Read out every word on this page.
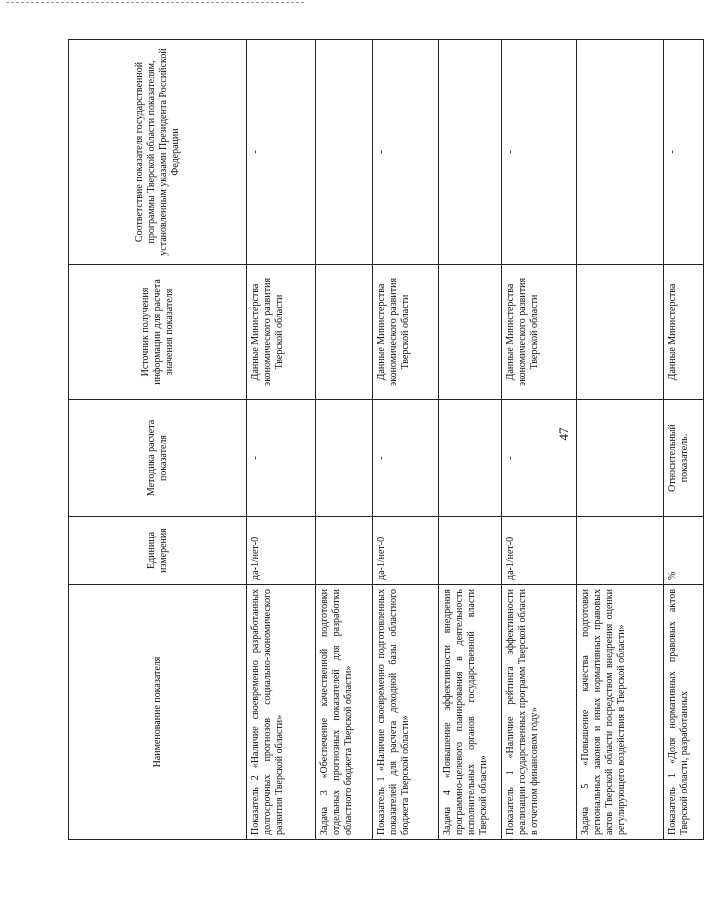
Наименование показателя	Единица измерения	Методика расчета показателя	Источник получения информации для расчета значения показателя	Соответствие показателя государственной программы Тверской области показателям, установленным указами Президента Российской Федерации
Показатель 2 «Наличие своевременно разработанных долгосрочных прогнозов социально-экономического развития Тверской области»	да-1/нет-0	-	Данные Министерства экономического развития Тверской области	-
Задача 3 «Обеспечение качественной подготовки отдельных прогнозных показателей для разработки областного бюджета Тверской области»				
Показатель 1 «Наличие своевременно подготовленных показателей для расчета доходной базы областного бюджета Тверской области»	да-1/нет-0	-	Данные Министерства экономического развития Тверской области	-
Задача 4 «Повышение эффективности внедрения программно-целевого планирования в деятельность исполнительных органов государственной власти Тверской области»				
Показатель 1 «Наличие рейтинга эффективности реализации государственных программ Тверской области в отчетном финансовом году»	да-1/нет-0	-	Данные Министерства экономического развития Тверской области	-
Задача 5 «Повышение качества подготовки региональных законов и иных нормативных правовых актов Тверской области посредством внедрения оценки регулирующего воздействия в Тверской области»				
Показатель 1 «Доля нормативных правовых актов Тверской области, разработанных	%	Относительный показатель.	Данные Министерства	-
47
